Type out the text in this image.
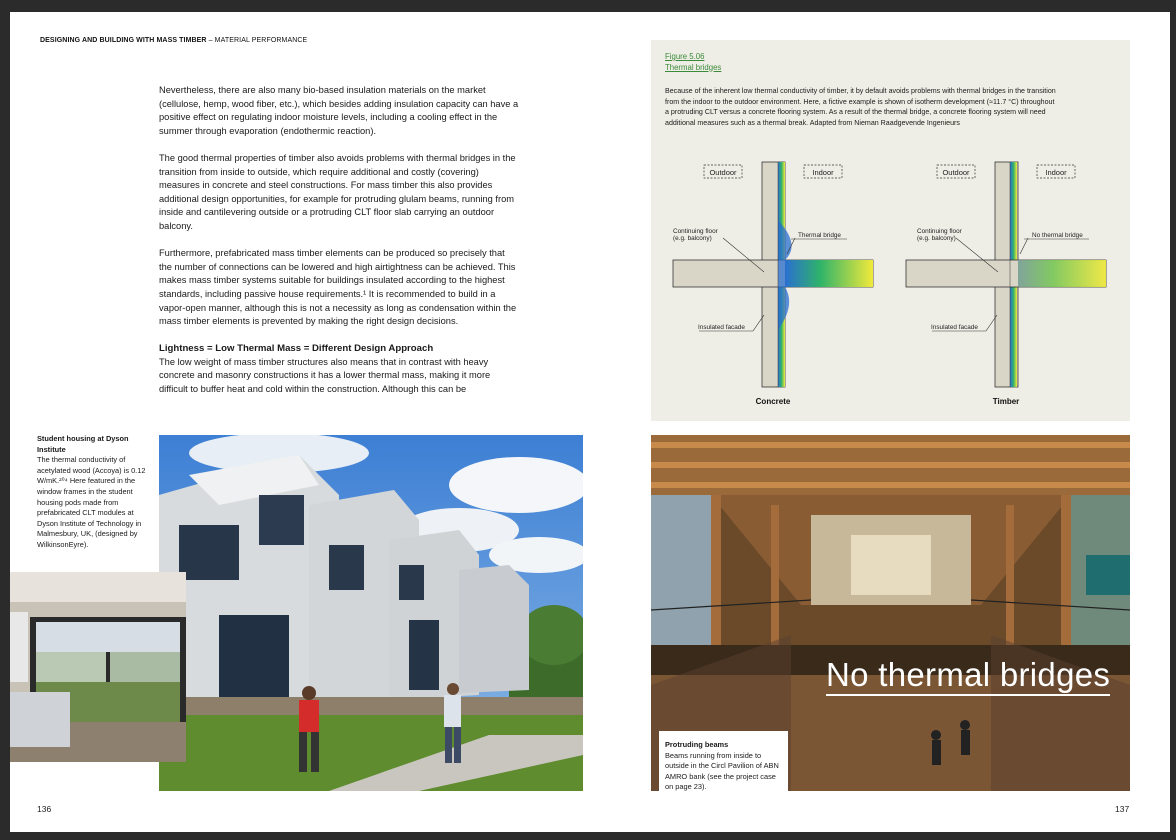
DESIGNING AND BUILDING WITH MASS TIMBER – MATERIAL PERFORMANCE

Nevertheless, there are also many bio-based insulation materials on the market (cellulose, hemp, wood fiber, etc.), which besides adding insulation capacity can have a positive effect on regulating indoor moisture levels, including a cooling effect in the summer through evaporation (endothermic reaction).

The good thermal properties of timber also avoids problems with thermal bridges in the transition from inside to outside, which require additional and costly (covering) measures in concrete and steel constructions. For mass timber this also provides additional design opportunities, for example for protruding glulam beams, running from inside and cantilevering outside or a protruding CLT floor slab carrying an outdoor balcony.

Furthermore, prefabricated mass timber elements can be produced so precisely that the number of connections can be lowered and high airtightness can be achieved. This makes mass timber systems suitable for buildings insulated according to the highest standards, including passive house requirements.¹ It is recommended to build in a vapor-open manner, although this is not a necessity as long as condensation within the mass timber elements is prevented by making the right design decisions.

Lightness = Low Thermal Mass = Different Design Approach

The low weight of mass timber structures also means that in contrast with heavy concrete and masonry constructions it has a lower thermal mass, making it more difficult to buffer heat and cold within the construction. Although this can be

Student housing at Dyson Institute
The thermal conductivity of acetylated wood (Accoya) is 0.12 W/mK.²⁰⁴ Here featured in the window frames in the student housing pods made from prefabricated CLT modules at Dyson Institute of Technology in Malmesbury, UK, (designed by WilkinsonEyre).
136
Figure 5.06
Thermal bridges
Because of the inherent low thermal conductivity of timber, it by default avoids problems with thermal bridges in the transition from the indoor to the outdoor environment. Here, a fictive example is shown of isotherm development (≈11.7 °C) throughout a protruding CLT versus a concrete flooring system. As a result of the thermal bridge, a concrete flooring system will need additional measures such as a thermal break. Adapted from Nieman Raadgevende Ingenieurs
Outdoor	Indoor
Continuing floor
(e.g. balcony)	Thermal bridge
Insulated facade
Concrete
Outdoor	Indoor
Continuing floor
(e.g. balcony)	No thermal bridge
Insulated facade
Timber
No thermal bridges
Protruding beams
Beams running from inside to outside in the Circl Pavilion of ABN AMRO bank (see the project case on page 23).
137
